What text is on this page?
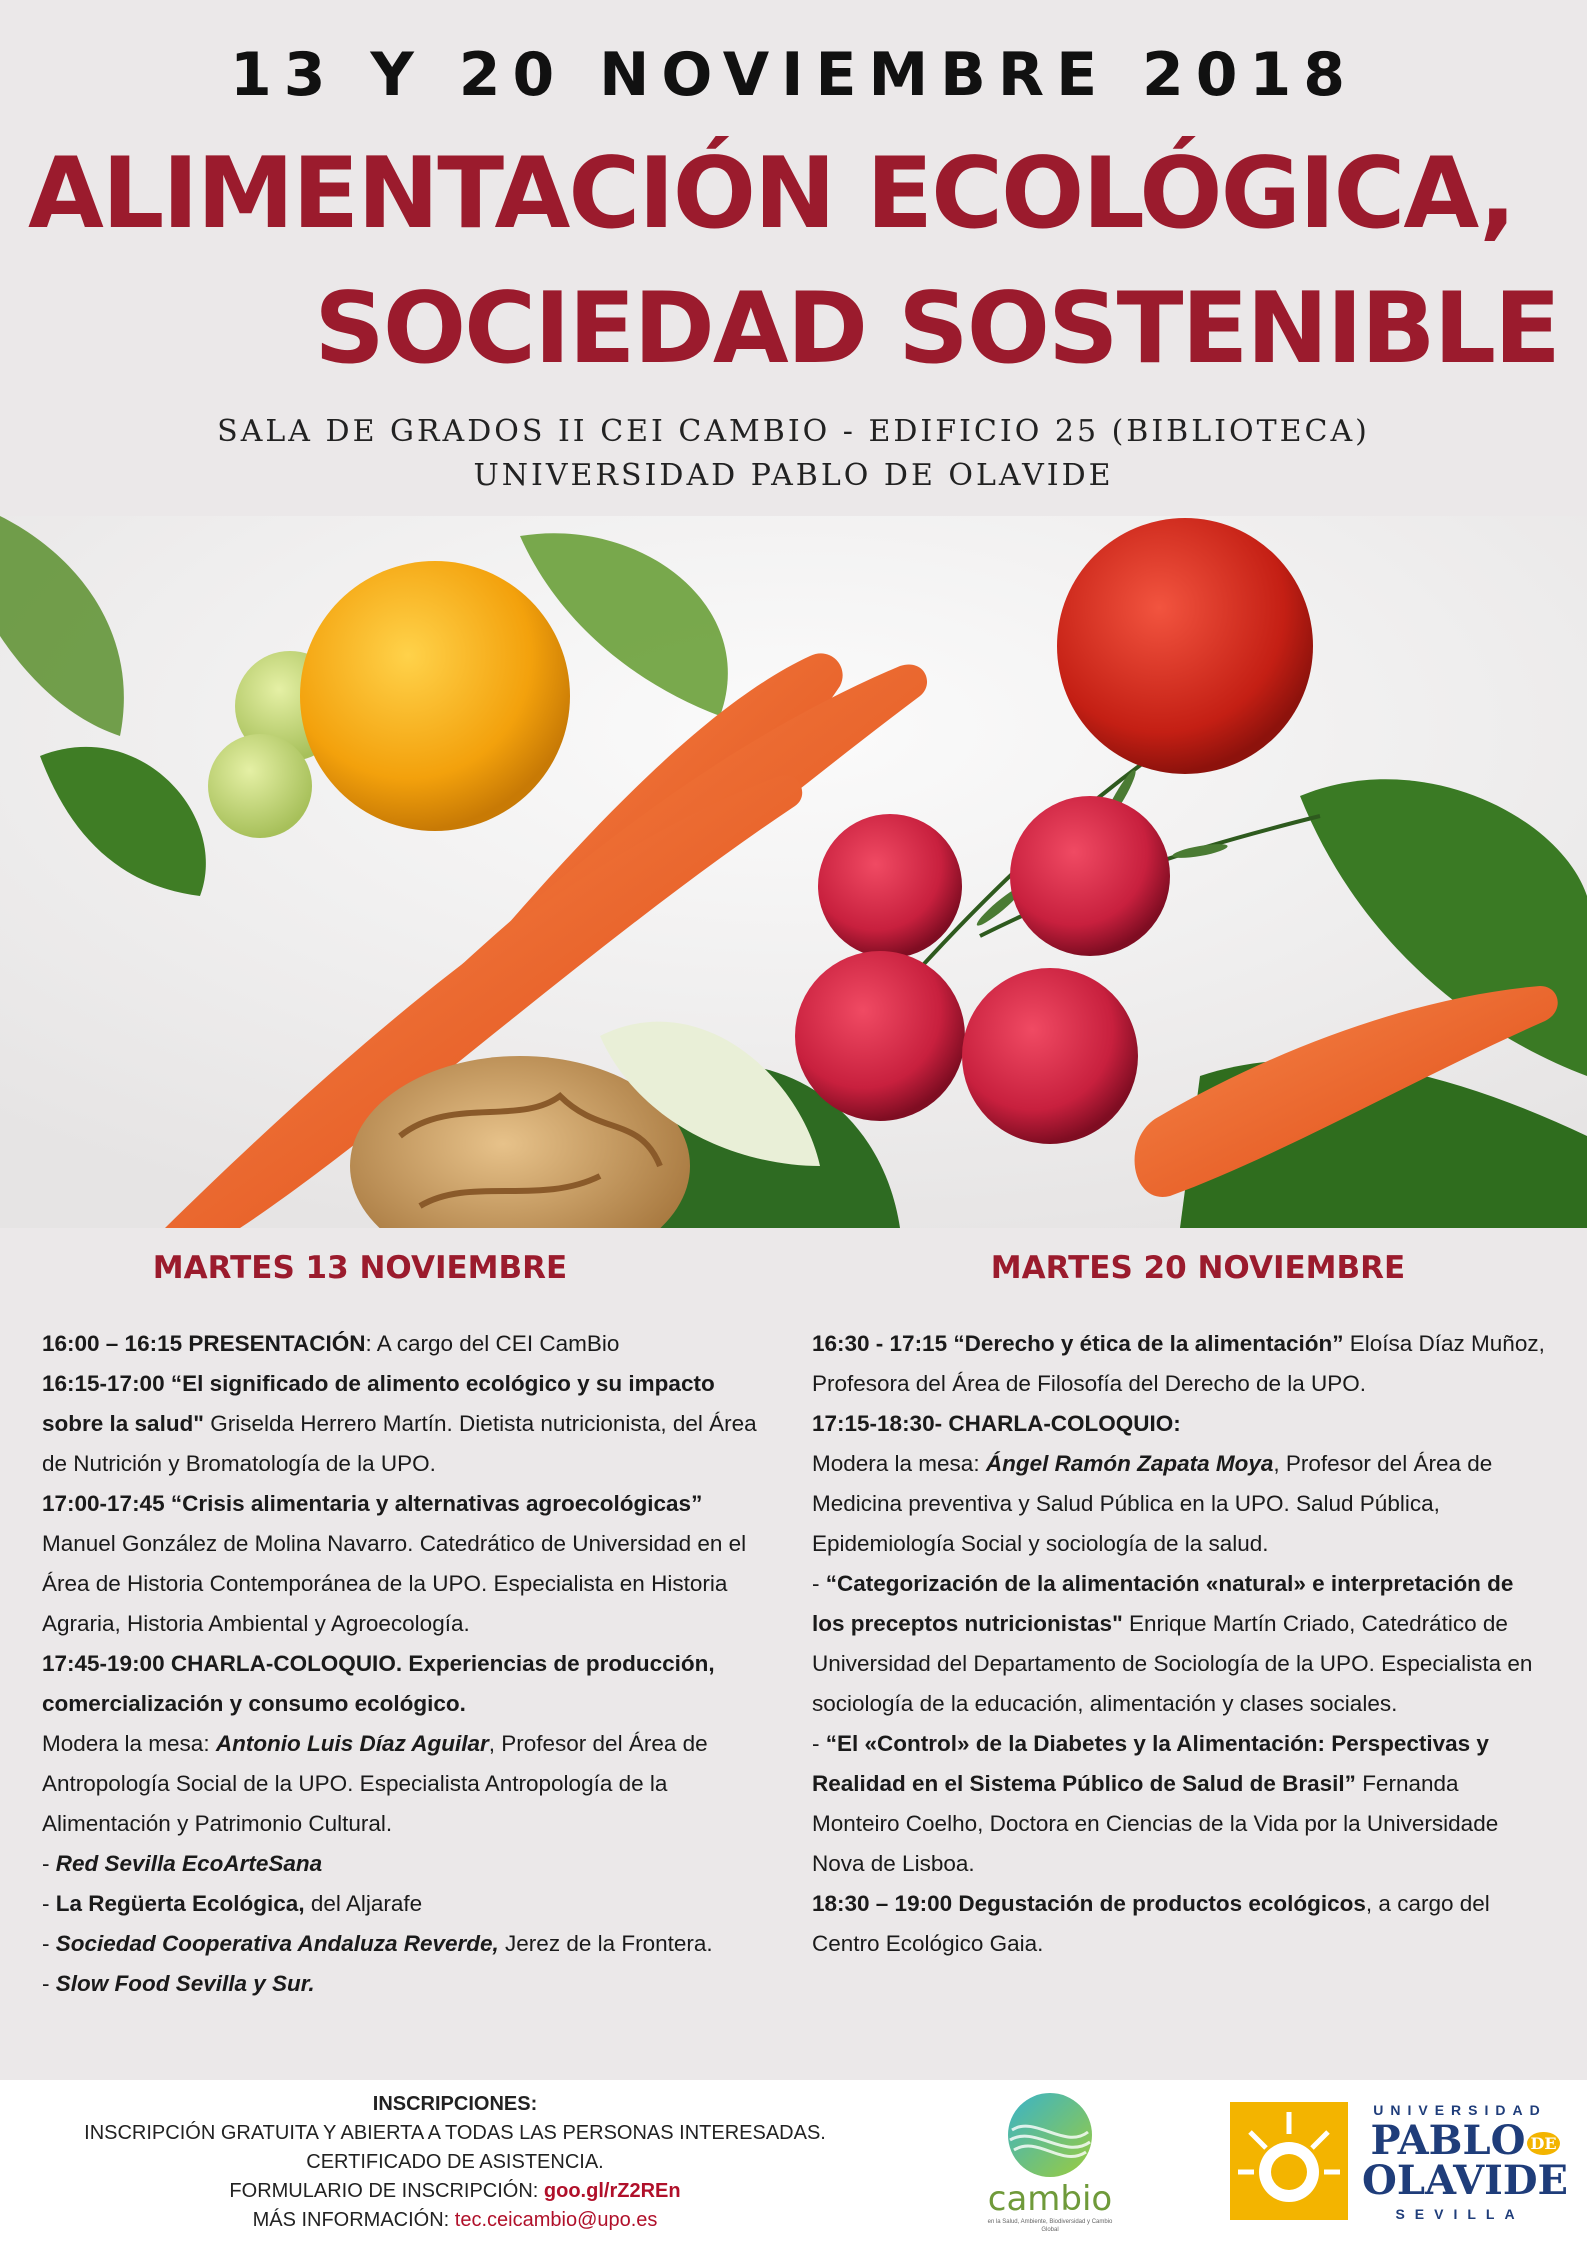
13 Y 20 NOVIEMBRE 2018
ALIMENTACIÓN ECOLÓGICA,
SOCIEDAD SOSTENIBLE
SALA DE GRADOS II CEI CAMBIO - EDIFICIO 25 (BIBLIOTECA)
UNIVERSIDAD PABLO DE OLAVIDE
MARTES 13 NOVIEMBRE	MARTES 20 NOVIEMBRE

16:00 – 16:15 PRESENTACIÓN: A cargo del CEI CamBio

16:15-17:00 “El significado de alimento ecológico y su impacto sobre la salud" Griselda Herrero Martín. Dietista nutricionista, del Área de Nutrición y Bromatología de la UPO.

17:00-17:45 “Crisis alimentaria y alternativas agroecológicas” Manuel González de Molina Navarro. Catedrático de Universidad en el Área de Historia Contemporánea de la UPO. Especialista en Historia Agraria, Historia Ambiental y Agroecología.

17:45-19:00 CHARLA-COLOQUIO. Experiencias de producción, comercialización y consumo ecológico.

Modera la mesa: Antonio Luis Díaz Aguilar, Profesor del Área de Antropología Social de la UPO. Especialista Antropología de la Alimentación y Patrimonio Cultural.

- Red Sevilla EcoArteSana

- La Regüerta Ecológica, del Aljarafe

- Sociedad Cooperativa Andaluza Reverde, Jerez de la Frontera.

- Slow Food Sevilla y Sur.

16:30 - 17:15 “Derecho y ética de la alimentación” Eloísa Díaz Muñoz, Profesora del Área de Filosofía del Derecho de la UPO.

17:15-18:30- CHARLA-COLOQUIO:

Modera la mesa: Ángel Ramón Zapata Moya, Profesor del Área de Medicina preventiva y Salud Pública en la UPO. Salud Pública, Epidemiología Social y sociología de la salud.

- “Categorización de la alimentación «natural» e interpretación de los preceptos nutricionistas" Enrique Martín Criado, Catedrático de Universidad del Departamento de Sociología de la UPO. Especialista en sociología de la educación, alimentación y clases sociales.

- “El «Control» de la Diabetes y la Alimentación: Perspectivas y Realidad en el Sistema Público de Salud de Brasil” Fernanda Monteiro Coelho, Doctora en Ciencias de la Vida por la Universidade Nova de Lisboa.

18:30 – 19:00 Degustación de productos ecológicos, a cargo del Centro Ecológico Gaia.

INSCRIPCIONES:
INSCRIPCIÓN GRATUITA Y ABIERTA A TODAS LAS PERSONAS INTERESADAS.
CERTIFICADO DE ASISTENCIA.
FORMULARIO DE INSCRIPCIÓN: goo.gl/rZ2REn
MÁS INFORMACIÓN: tec.ceicambio@upo.es
cambio
en la Salud, Ambiente, Biodiversidad y Cambio Global
UNIVERSIDAD
PABLO DE
OLAVIDE
SEVILLA
